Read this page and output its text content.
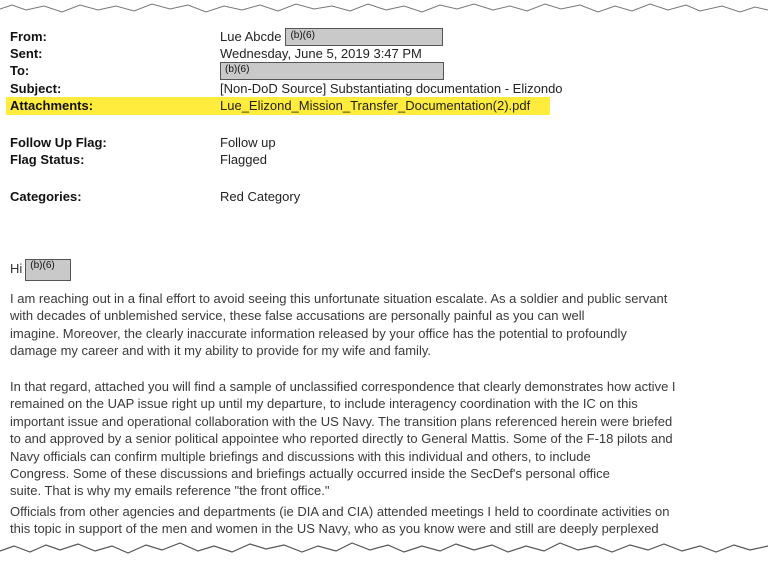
From:	Lue Abcde (b)(6)
Sent:	Wednesday, June 5, 2019 3:47 PM
To:	(b)(6)
Subject:	[Non-DoD Source] Substantiating documentation - Elizondo
Attachments:	Lue_Elizond_Mission_Transfer_Documentation(2).pdf
Follow Up Flag:	Follow up
Flag Status:	Flagged
Categories:	Red Category
Hi (b)(6)
I am reaching out in a final effort to avoid seeing this unfortunate situation escalate. As a soldier and public servant
with decades of unblemished service, these false accusations are personally painful as you can well
imagine. Moreover, the clearly inaccurate information released by your office has the potential to profoundly
damage my career and with it my ability to provide for my wife and family.
In that regard, attached you will find a sample of unclassified correspondence that clearly demonstrates how active I
remained on the UAP issue right up until my departure, to include interagency coordination with the IC on this
important issue and operational collaboration with the US Navy. The transition plans referenced herein were briefed
to and approved by a senior political appointee who reported directly to General Mattis. Some of the F-18 pilots and
Navy officials can confirm multiple briefings and discussions with this individual and others, to include
Congress. Some of these discussions and briefings actually occurred inside the SecDef's personal office
suite. That is why my emails reference "the front office."
Officials from other agencies and departments (ie DIA and CIA) attended meetings I held to coordinate activities on
this topic in support of the men and women in the US Navy, who as you know were and still are deeply perplexed
